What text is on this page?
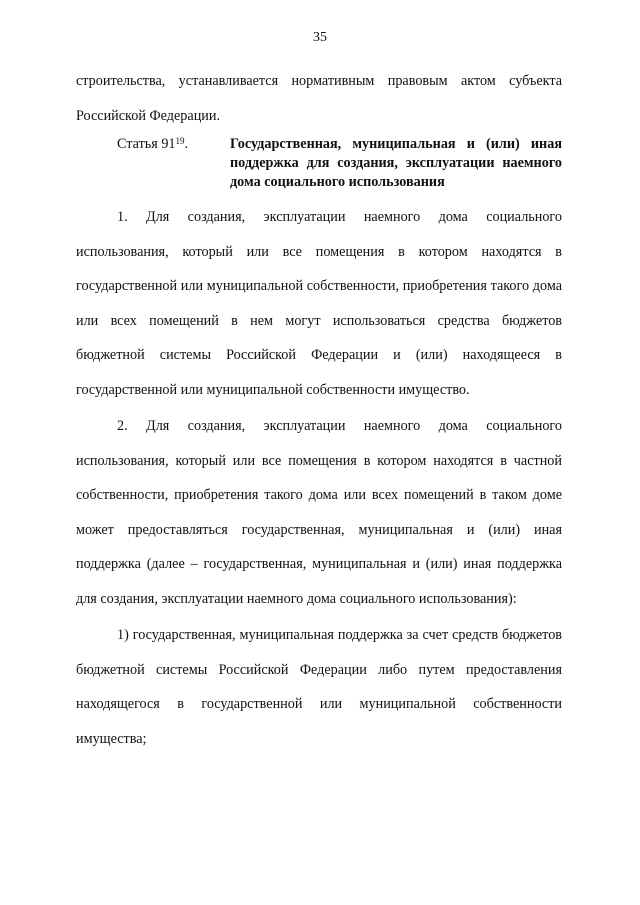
35

строительства, устанавливается нормативным правовым актом субъекта Российской Федерации.

Статья $91^{19}$.	Государственная, муниципальная и (или) иная поддержка для создания, эксплуатации наемного дома социального использования

1. Для создания, эксплуатации наемного дома социального использования, который или все помещения в котором находятся в государственной или муниципальной собственности, приобретения такого дома или всех помещений в нем могут использоваться средства бюджетов бюджетной системы Российской Федерации и (или) находящееся в государственной или муниципальной собственности имущество.

2. Для создания, эксплуатации наемного дома социального использования, который или все помещения в котором находятся в частной собственности, приобретения такого дома или всех помещений в таком доме может предоставляться государственная, муниципальная и (или) иная поддержка (далее – государственная, муниципальная и (или) иная поддержка для создания, эксплуатации наемного дома социального использования):

1) государственная, муниципальная поддержка за счет средств бюджетов бюджетной системы Российской Федерации либо путем предоставления находящегося в государственной или муниципальной собственности имущества;
